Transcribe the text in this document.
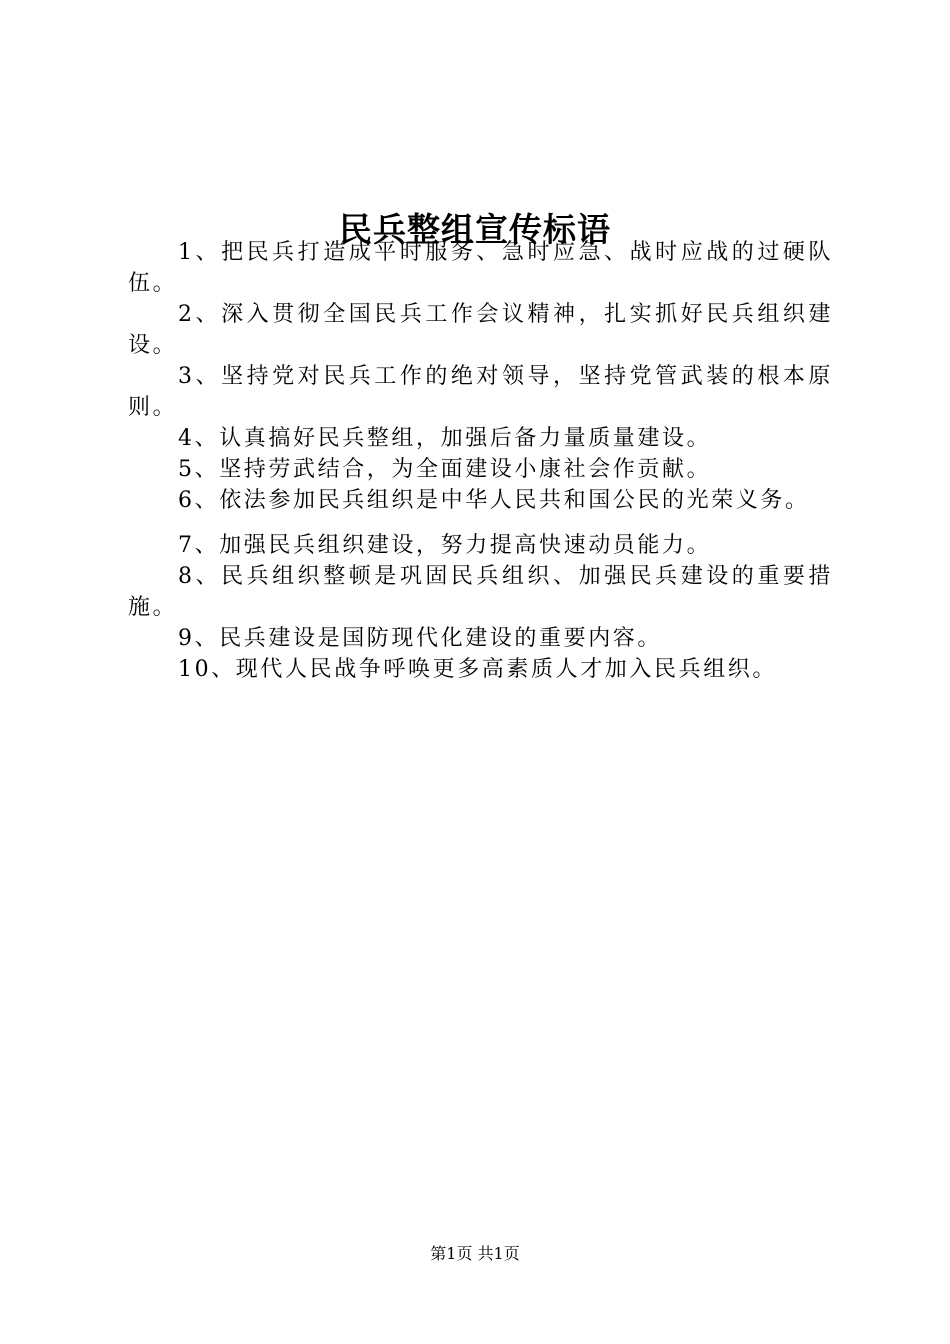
民兵整组宣传标语

1、把民兵打造成平时服务、急时应急、战时应战的过硬队伍。

2、深入贯彻全国民兵工作会议精神，扎实抓好民兵组织建设。

3、坚持党对民兵工作的绝对领导，坚持党管武装的根本原则。

4、认真搞好民兵整组，加强后备力量质量建设。

5、坚持劳武结合，为全面建设小康社会作贡献。

6、依法参加民兵组织是中华人民共和国公民的光荣义务。

7、加强民兵组织建设，努力提高快速动员能力。

8、民兵组织整顿是巩固民兵组织、加强民兵建设的重要措施。

9、民兵建设是国防现代化建设的重要内容。

10、现代人民战争呼唤更多高素质人才加入民兵组织。

第1页 共1页
